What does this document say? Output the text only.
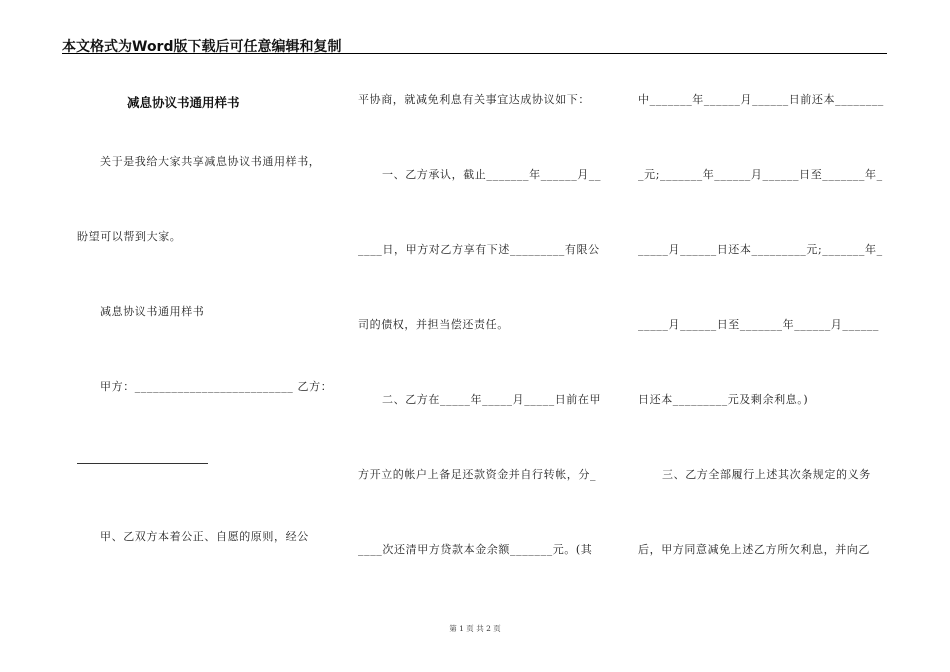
本文格式为Word版下载后可任意编辑和复制
减息协议书通用样书
关于是我给大家共享减息协议书通用样书，
盼望可以帮到大家。
减息协议书通用样书
甲方：__________________________ 乙方：
甲、乙双方本着公正、自愿的原则，经公
平协商，就减免利息有关事宜达成协议如下：
一、乙方承认，截止_______年______月__
____日，甲方对乙方享有下述_________有限公
司的债权，并担当偿还责任。
二、乙方在_____年_____月_____日前在甲
方开立的帐户上备足还款资金并自行转帐，分_
____次还清甲方贷款本金余额_______元。(其
中_______年______月______日前还本________
_元;_______年______月______日至_______年_
_____月______日还本_________元;_______年_
_____月______日至_______年______月______
日还本_________元及剩余利息。)
三、乙方全部履行上述其次条规定的义务
后，甲方同意减免上述乙方所欠利息，并向乙
第 1 页 共 2 页
